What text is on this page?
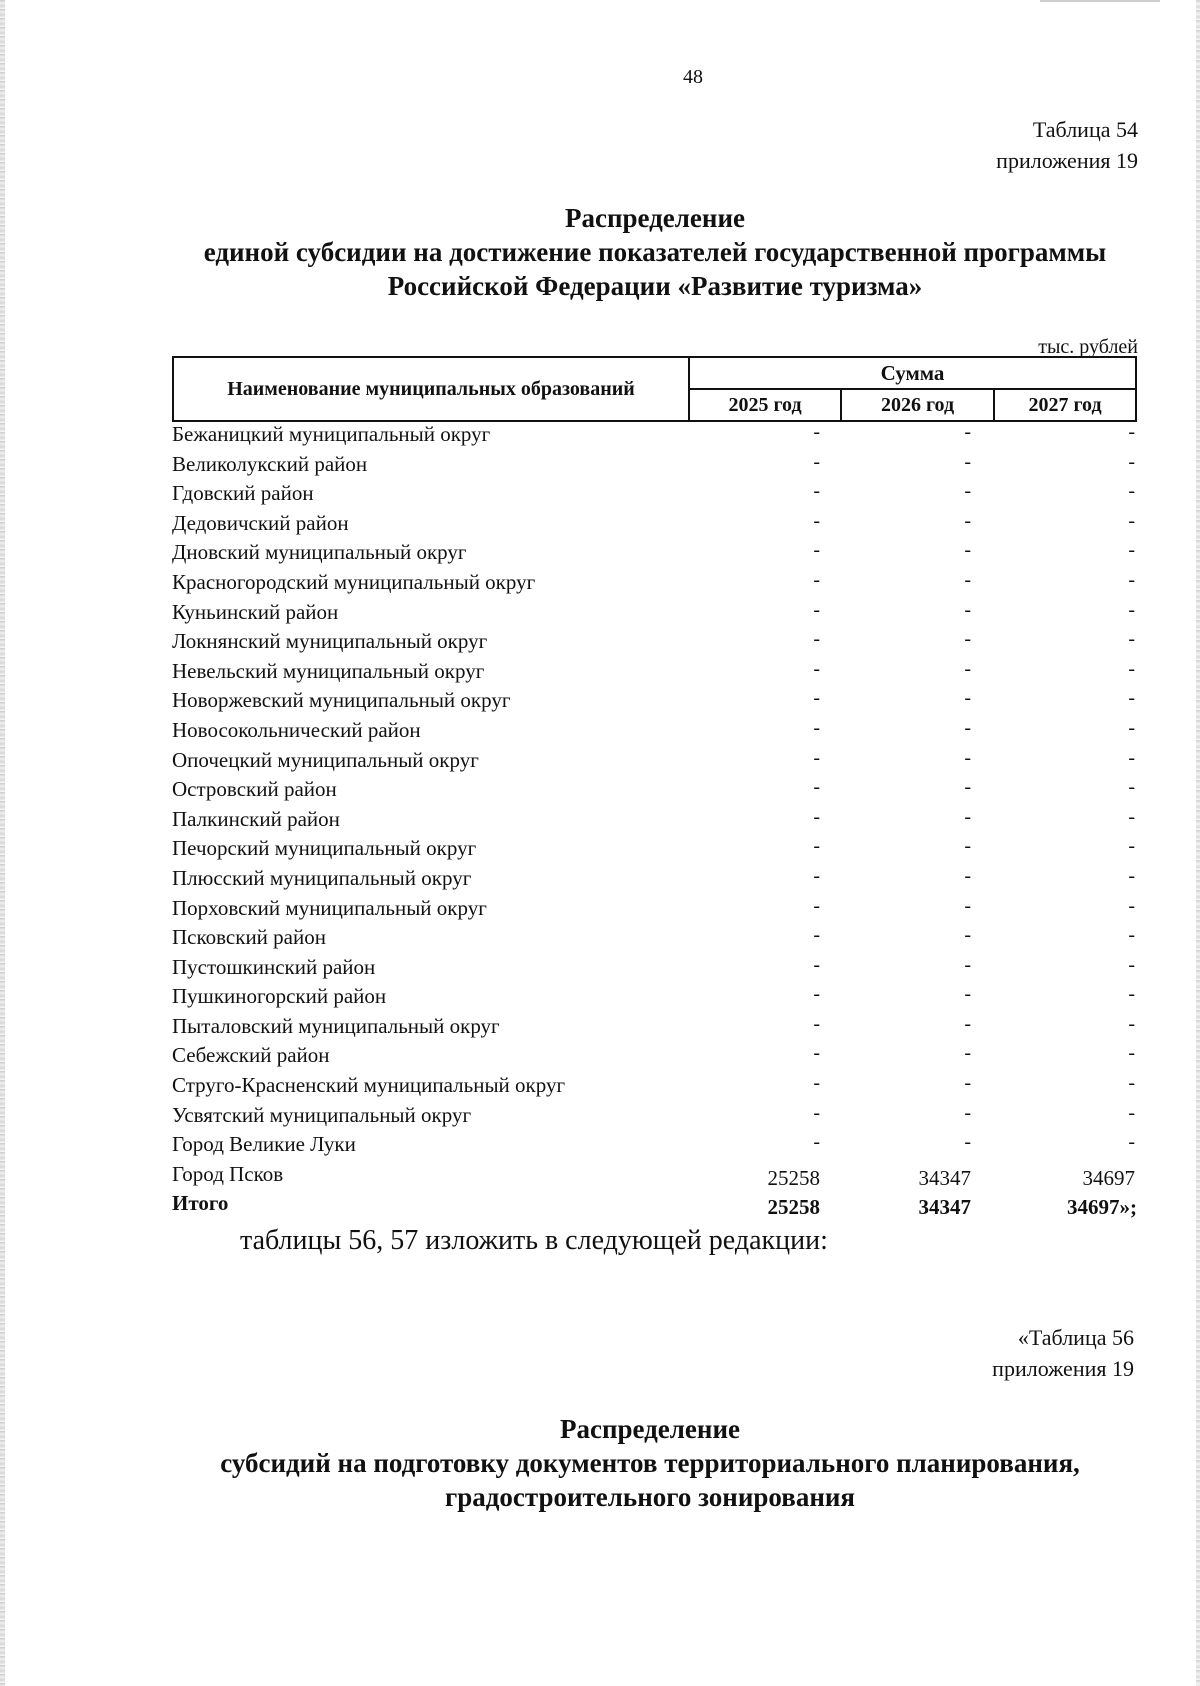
48
Таблица 54
приложения 19
Распределение
единой субсидии на достижение показателей государственной программы
Российской Федерации «Развитие туризма»
тыс. рублей
Наименование муниципальных образований
Сумма
2025 год	2026 год	2027 год
Бежаницкий муниципальный округ	-	-	-
Великолукский район	-	-	-
Гдовский район	-	-	-
Дедовичский район	-	-	-
Дновский муниципальный округ	-	-	-
Красногородский муниципальный округ	-	-	-
Куньинский район	-	-	-
Локнянский муниципальный округ	-	-	-
Невельский муниципальный округ	-	-	-
Новоржевский муниципальный округ	-	-	-
Новосокольнический район	-	-	-
Опочецкий муниципальный округ	-	-	-
Островский район	-	-	-
Палкинский район	-	-	-
Печорский муниципальный округ	-	-	-
Плюсский муниципальный округ	-	-	-
Порховский муниципальный округ	-	-	-
Псковский район	-	-	-
Пустошкинский район	-	-	-
Пушкиногорский район	-	-	-
Пыталовский муниципальный округ	-	-	-
Себежский район	-	-	-
Струго-Красненский муниципальный округ	-	-	-
Усвятский муниципальный округ	-	-	-
Город Великие Луки	-	-	-
Город Псков	25258	34347	34697
Итого	25258	34347	34697»;
таблицы 56, 57 изложить в следующей редакции:
«Таблица 56
приложения 19
Распределение
субсидий на подготовку документов территориального планирования,
градостроительного зонирования
